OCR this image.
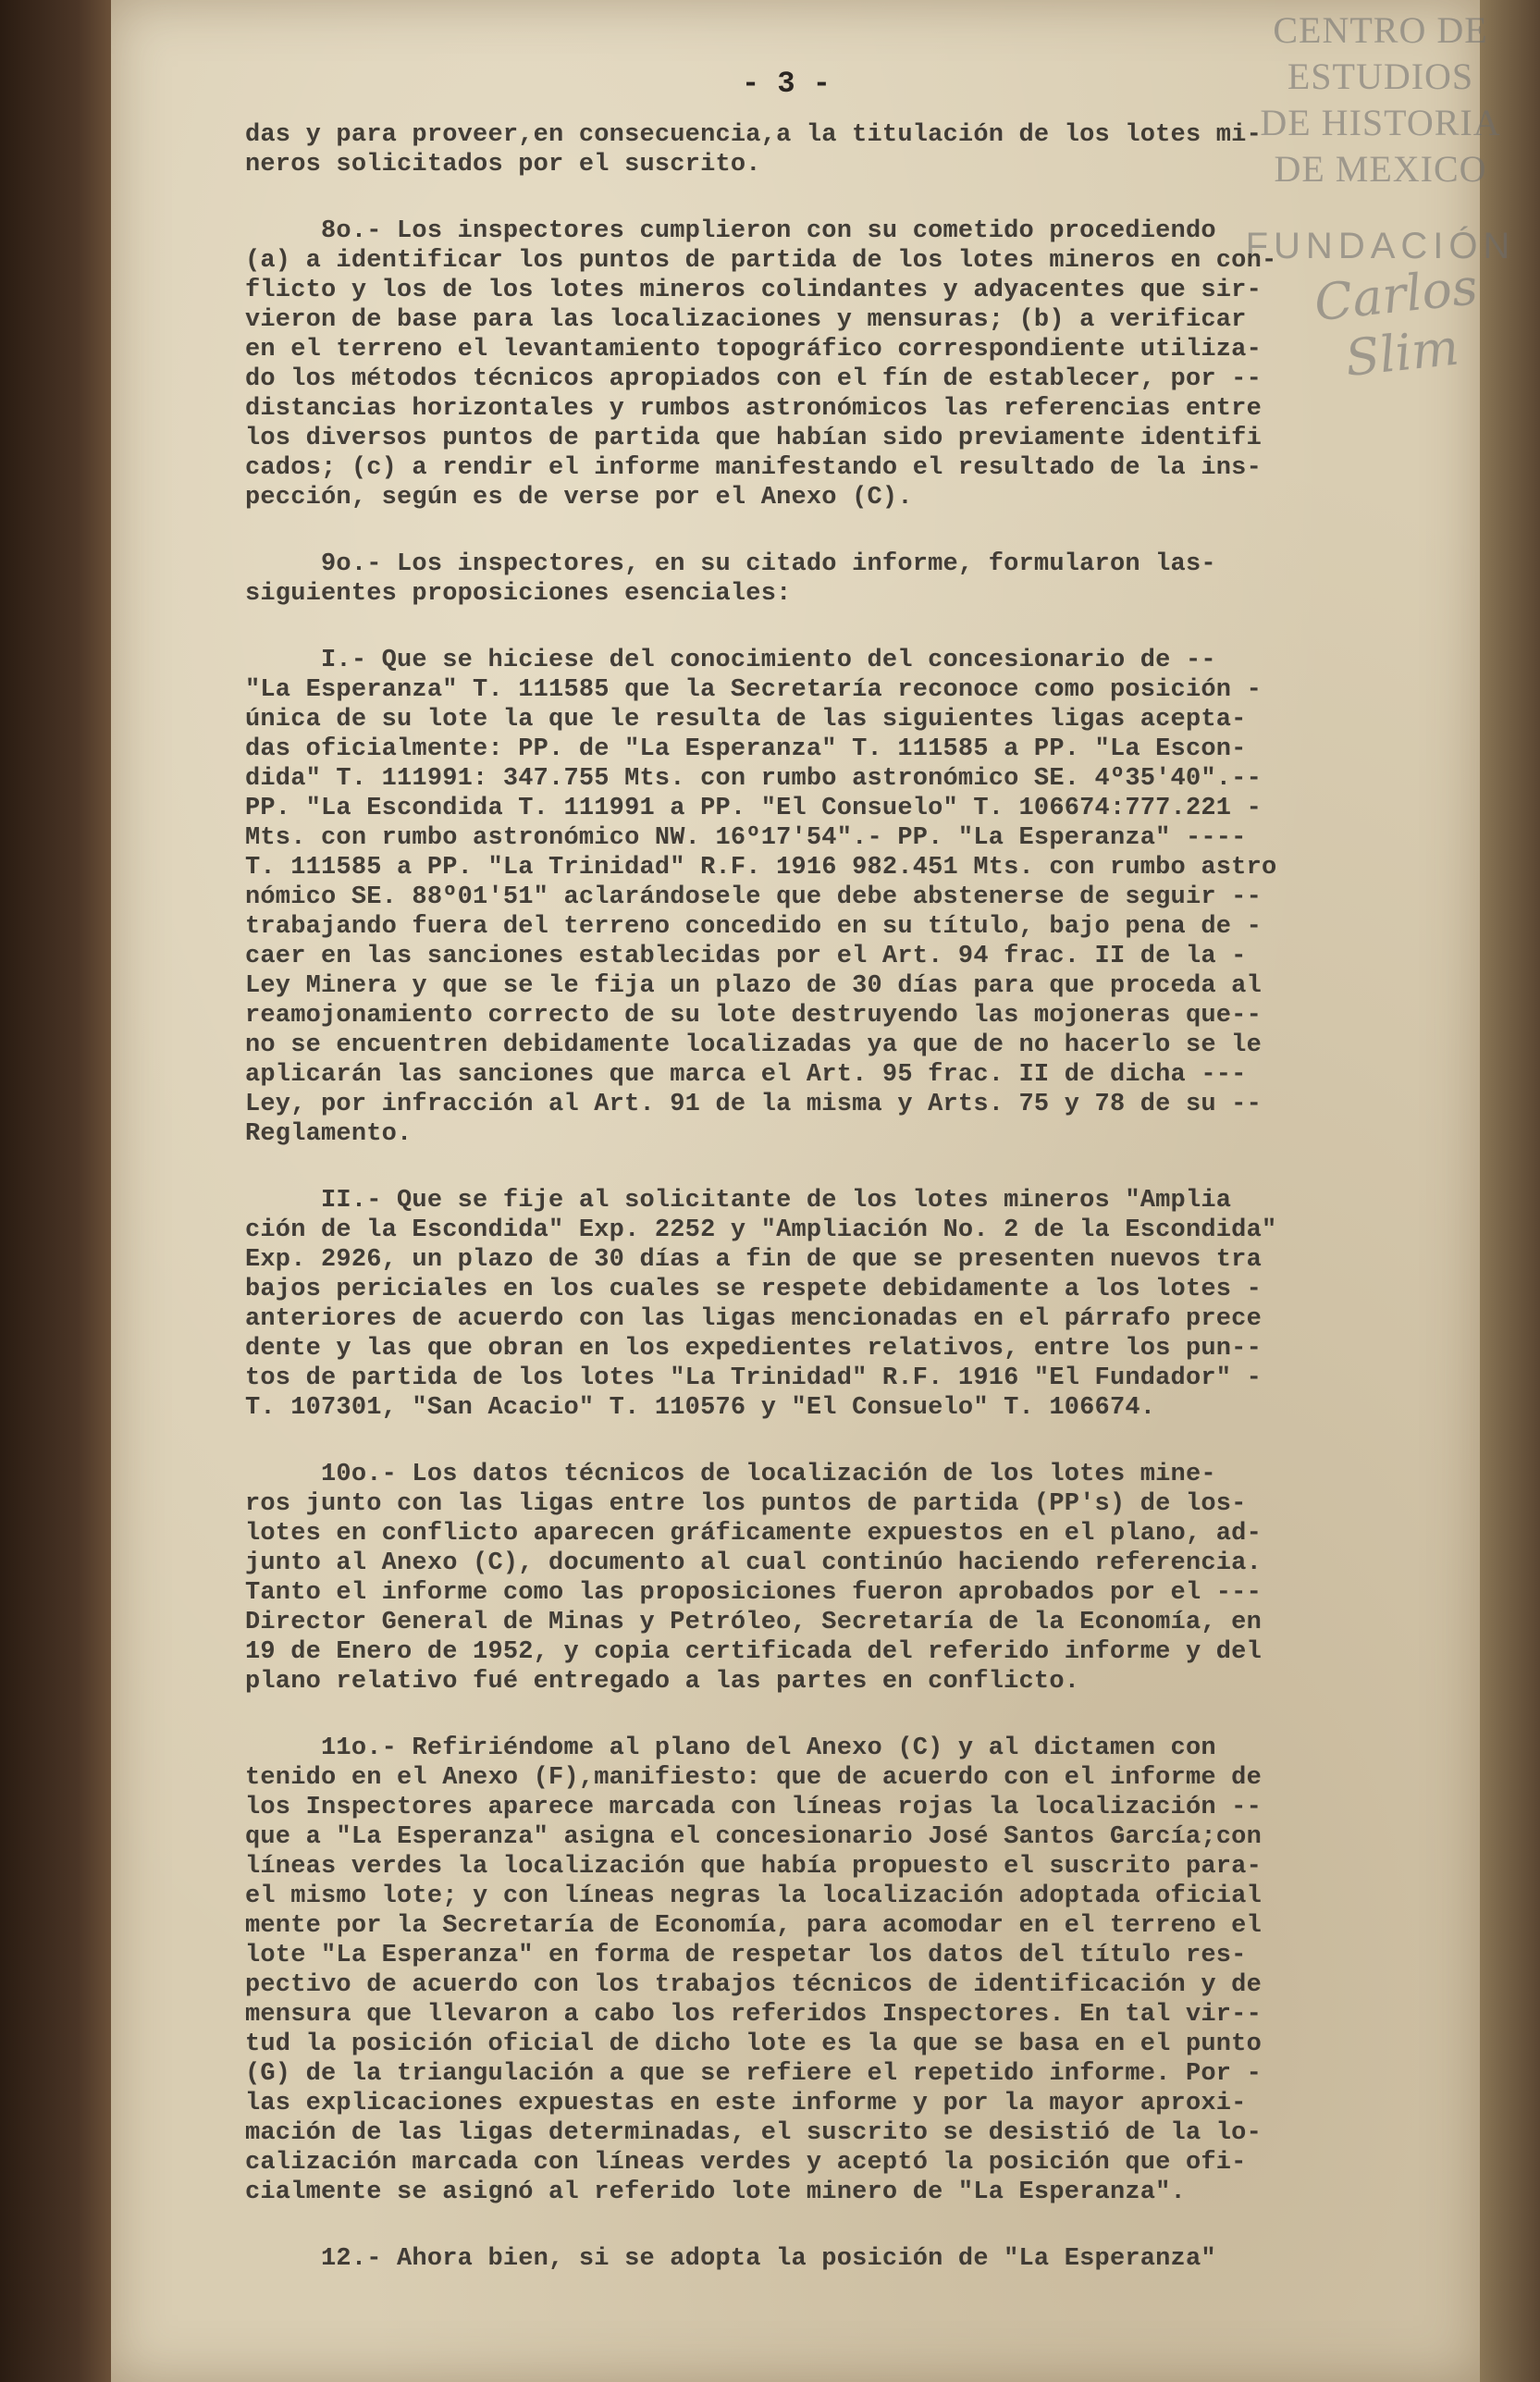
CENTRO DE
ESTUDIOS
DE HISTORIA
DE MEXICO
FUNDACIÓN
Carlos Slim
- 3 -
das y para proveer,en consecuencia,a la titulación de los lotes mi-
neros solicitados por el suscrito.
8o.- Los inspectores cumplieron con su cometido procediendo
(a) a identificar los puntos de partida de los lotes mineros en con-
flicto y los de los lotes mineros colindantes y adyacentes que sir-
vieron de base para las localizaciones y mensuras; (b) a verificar
en el terreno el levantamiento topográfico correspondiente utiliza-
do los métodos técnicos apropiados con el fín de establecer, por --
distancias horizontales y rumbos astronómicos las referencias entre
los diversos puntos de partida que habían sido previamente identifi
cados; (c) a rendir el informe manifestando el resultado de la ins-
pección, según es de verse por el Anexo (C).
9o.- Los inspectores, en su citado informe, formularon las-
siguientes proposiciones esenciales:
I.- Que se hiciese del conocimiento del concesionario de --
"La Esperanza" T. 111585 que la Secretaría reconoce como posición -
única de su lote la que le resulta de las siguientes ligas acepta-
das oficialmente: PP. de "La Esperanza" T. 111585 a PP. "La Escon-
dida" T. 111991: 347.755 Mts. con rumbo astronómico SE. 4º35'40".--
PP. "La Escondida T. 111991 a PP. "El Consuelo" T. 106674:777.221 -
Mts. con rumbo astronómico NW. 16º17'54".- PP. "La Esperanza" ----
T. 111585 a PP. "La Trinidad" R.F. 1916 982.451 Mts. con rumbo astro
nómico SE. 88º01'51" aclarándosele que debe abstenerse de seguir --
trabajando fuera del terreno concedido en su título, bajo pena de -
caer en las sanciones establecidas por el Art. 94 frac. II de la -
Ley Minera y que se le fija un plazo de 30 días para que proceda al
reamojonamiento correcto de su lote destruyendo las mojoneras que--
no se encuentren debidamente localizadas ya que de no hacerlo se le
aplicarán las sanciones que marca el Art. 95 frac. II de dicha ---
Ley, por infracción al Art. 91 de la misma y Arts. 75 y 78 de su --
Reglamento.
II.- Que se fije al solicitante de los lotes mineros "Amplia
ción de la Escondida" Exp. 2252 y "Ampliación No. 2 de la Escondida"
Exp. 2926, un plazo de 30 días a fin de que se presenten nuevos tra
bajos periciales en los cuales se respete debidamente a los lotes -
anteriores de acuerdo con las ligas mencionadas en el párrafo prece
dente y las que obran en los expedientes relativos, entre los pun--
tos de partida de los lotes "La Trinidad" R.F. 1916 "El Fundador" -
T. 107301, "San Acacio" T. 110576 y "El Consuelo" T. 106674.
10o.- Los datos técnicos de localización de los lotes mine-
ros junto con las ligas entre los puntos de partida (PP's) de los-
lotes en conflicto aparecen gráficamente expuestos en el plano, ad-
junto al Anexo (C), documento al cual continúo haciendo referencia.
Tanto el informe como las proposiciones fueron aprobados por el ---
Director General de Minas y Petróleo, Secretaría de la Economía, en
19 de Enero de 1952, y copia certificada del referido informe y del
plano relativo fué entregado a las partes en conflicto.
11o.- Refiriéndome al plano del Anexo (C) y al dictamen con
tenido en el Anexo (F),manifiesto: que de acuerdo con el informe de
los Inspectores aparece marcada con líneas rojas la localización --
que a "La Esperanza" asigna el concesionario José Santos García;con
líneas verdes la localización que había propuesto el suscrito para-
el mismo lote; y con líneas negras la localización adoptada oficial
mente por la Secretaría de Economía, para acomodar en el terreno el
lote "La Esperanza" en forma de respetar los datos del título res-
pectivo de acuerdo con los trabajos técnicos de identificación y de
mensura que llevaron a cabo los referidos Inspectores. En tal vir--
tud la posición oficial de dicho lote es la que se basa en el punto
(G) de la triangulación a que se refiere el repetido informe. Por -
las explicaciones expuestas en este informe y por la mayor aproxi-
mación de las ligas determinadas, el suscrito se desistió de la lo-
calización marcada con líneas verdes y aceptó la posición que ofi-
cialmente se asignó al referido lote minero de "La Esperanza".
12.- Ahora bien, si se adopta la posición de "La Esperanza"
